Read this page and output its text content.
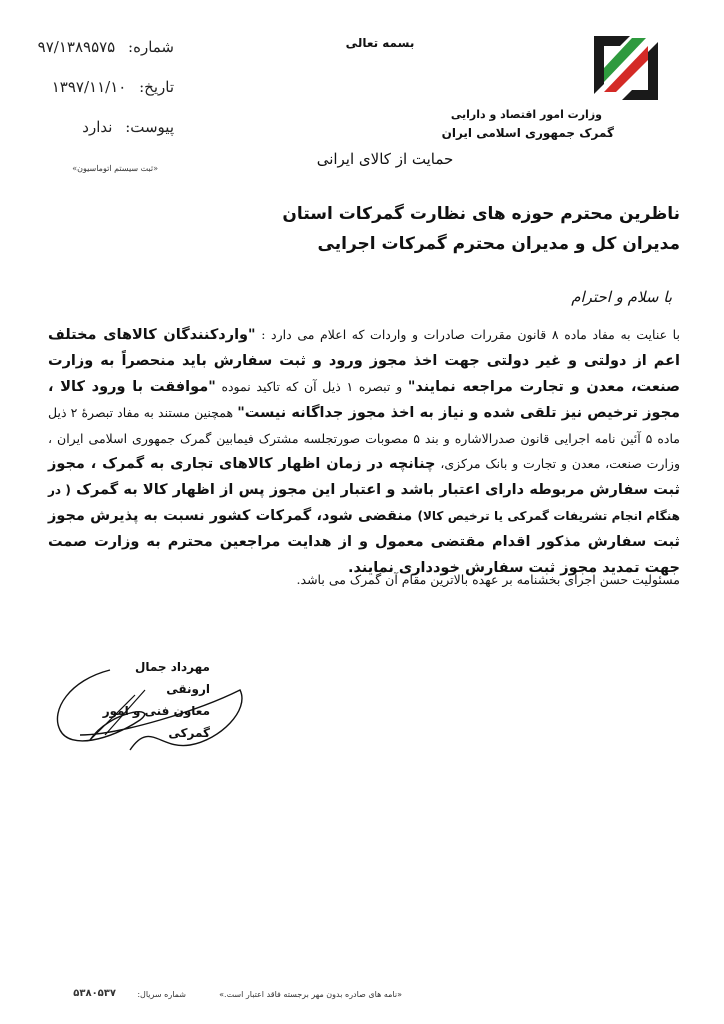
شماره: ۹۷/۱۳۸۹۵۷۵
تاریخ: ۱۳۹۷/۱۱/۱۰
پیوست: ندارد
«ثبت سیستم اتوماسیون»
بسمه تعالی
وزارت امور اقتصاد و دارایی
گمرک جمهوری اسلامی ایران
حمایت از کالای ایرانی
ناظرین محترم حوزه های نظارت گمرکات استان
مدیران کل و مدیران محترم گمرکات اجرایی
با سلام و احترام
با عنایت به مفاد ماده ۸ قانون مقررات صادرات و واردات که اعلام می دارد : "واردکنندگان کالاهای مختلف اعم از دولتی و غیر دولتی جهت اخذ مجوز ورود و ثبت سفارش باید منحصراً به وزارت صنعت، معدن و تجارت مراجعه نمایند" و تبصره ۱ ذیل آن که تاکید نموده "موافقت با ورود کالا ، مجوز ترخیص نیز تلقی شده و نیاز به اخذ مجوز جداگانه نیست" همچنین مستند به مفاد تبصرهٔ ۲ ذیل ماده ۵ آئین نامه اجرایی قانون صدرالاشاره و بند ۵ مصوبات صورتجلسه مشترک فیمابین گمرک جمهوری اسلامی ایران ، وزارت صنعت، معدن و تجارت و بانک مرکزی، چنانچه در زمان اظهار کالاهای تجاری به گمرک ، مجوز ثبت سفارش مربوطه دارای اعتبار باشد و اعتبار این مجوز پس از اظهار کالا به گمرک ( در هنگام انجام تشریفات گمرکی یا ترخیص کالا) منقضی شود، گمرکات کشور نسبت به پذیرش مجوز ثبت سفارش مذکور اقدام مقتضی معمول و از هدایت مراجعین محترم به وزارت صمت جهت تمدید مجوز ثبت سفارش خودداری نمایند.
مسئولیت حسن اجرای بخشنامه بر عهده بالاترین مقام آن گمرک می باشد.
مهرداد جمال ارونقی
معاون فنی و امور گمرکی
«نامه های صادره بدون مهر برجسته فاقد اعتبار است.»
شماره سریال:
۵۳۸۰۵۳۷
